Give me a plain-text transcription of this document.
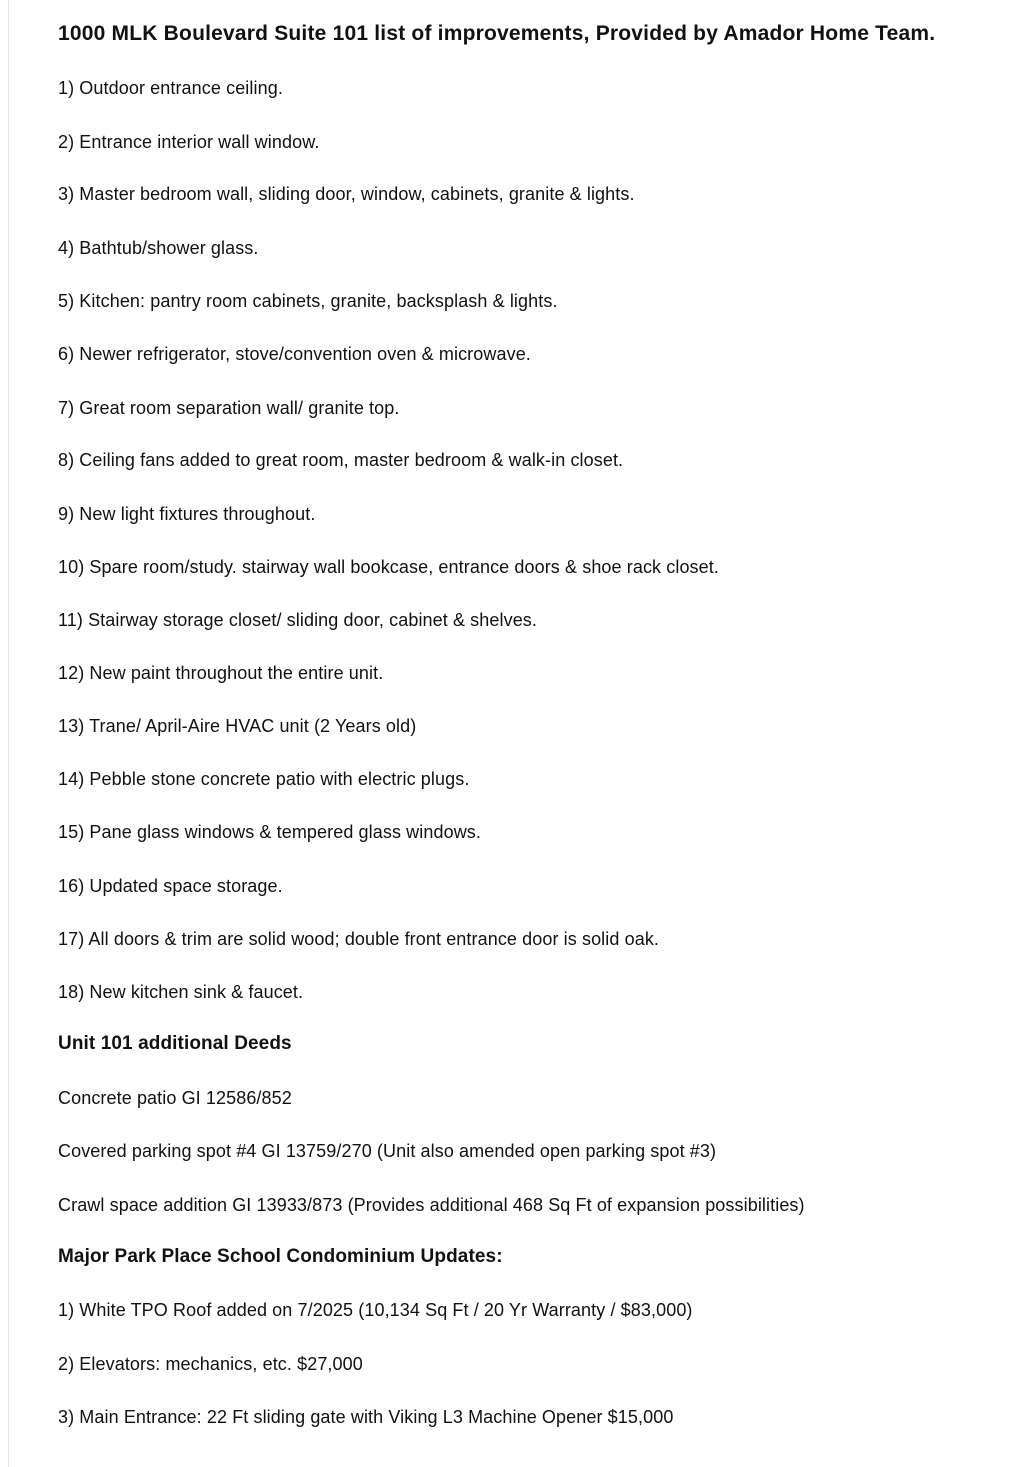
1000 MLK Boulevard Suite 101 list of improvements, Provided by Amador Home Team.
1) Outdoor entrance ceiling.
2) Entrance interior wall window.
3) Master bedroom wall, sliding door, window, cabinets, granite & lights.
4) Bathtub/shower glass.
5) Kitchen: pantry room cabinets, granite, backsplash & lights.
6) Newer refrigerator, stove/convention oven & microwave.
7) Great room separation wall/ granite top.
8) Ceiling fans added to great room, master bedroom & walk-in closet.
9) New light fixtures throughout.
10) Spare room/study. stairway wall bookcase, entrance doors & shoe rack closet.
11) Stairway storage closet/ sliding door, cabinet & shelves.
12) New paint throughout the entire unit.
13) Trane/ April-Aire HVAC unit (2 Years old)
14) Pebble stone concrete patio with electric plugs.
15) Pane glass windows & tempered glass windows.
16) Updated space storage.
17) All doors & trim are solid wood; double front entrance door is solid oak.
18) New kitchen sink & faucet.
Unit 101 additional Deeds
Concrete patio GI 12586/852
Covered parking spot #4 GI 13759/270 (Unit also amended open parking spot #3)
Crawl space addition GI 13933/873 (Provides additional 468 Sq Ft of expansion possibilities)
Major Park Place School Condominium Updates:
1) White TPO Roof added on 7/2025 (10,134 Sq Ft / 20 Yr Warranty / $83,000)
2) Elevators: mechanics, etc. $27,000
3) Main Entrance: 22 Ft sliding gate with Viking L3 Machine Opener $15,000
